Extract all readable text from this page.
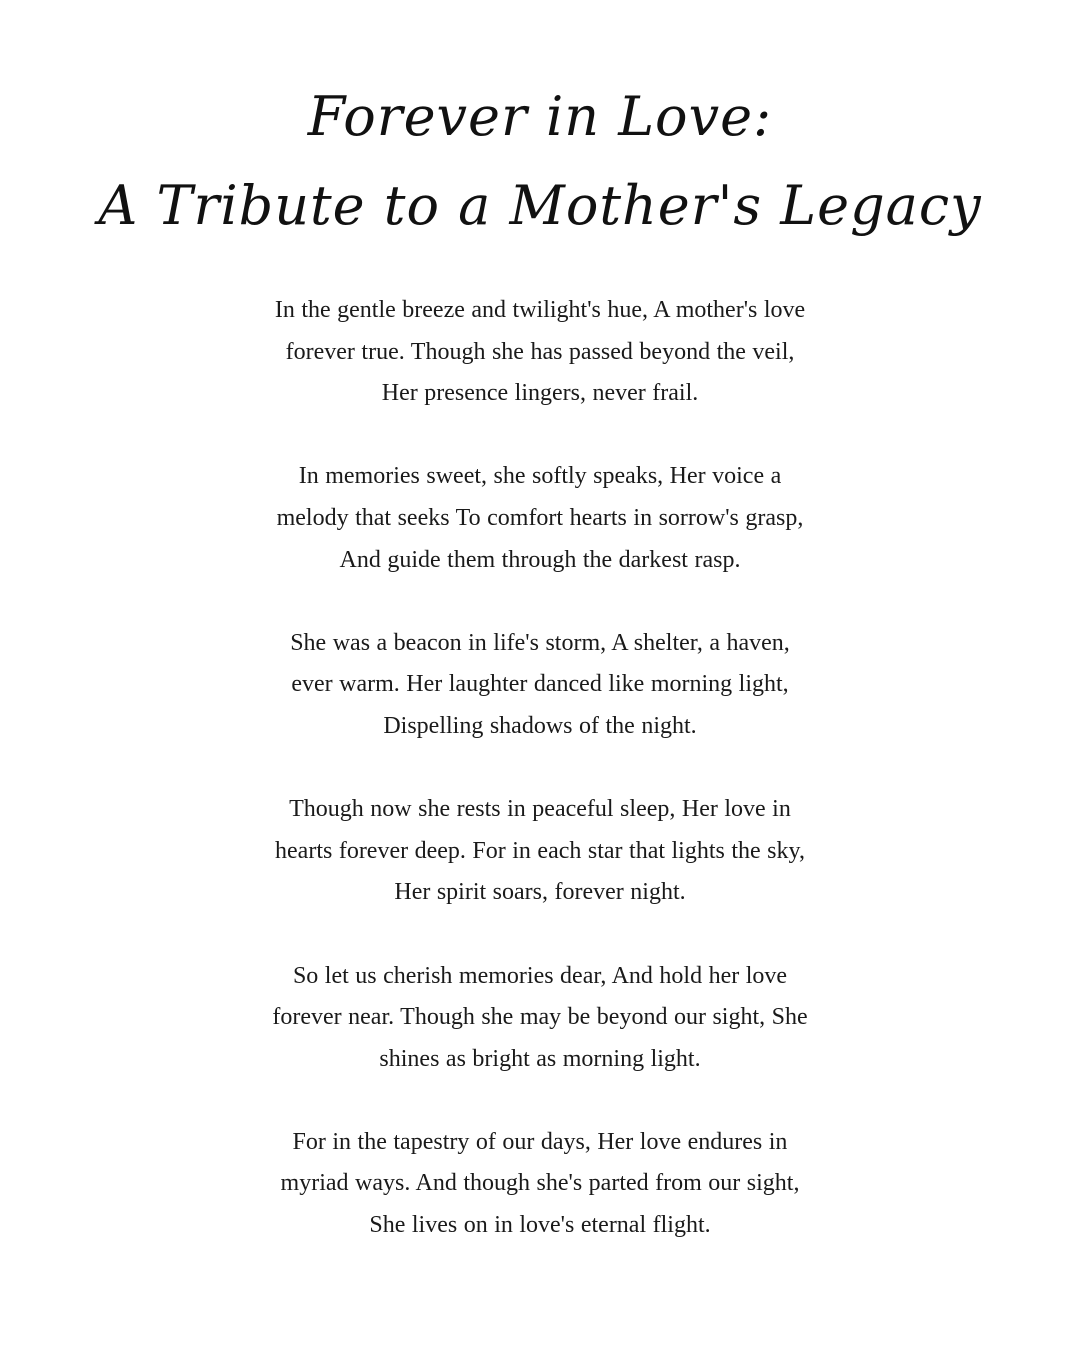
Forever in Love:
A Tribute to a Mother's Legacy

In the gentle breeze and twilight's hue, A mother's love forever true. Though she has passed beyond the veil, Her presence lingers, never frail.

In memories sweet, she softly speaks, Her voice a melody that seeks To comfort hearts in sorrow's grasp, And guide them through the darkest rasp.

She was a beacon in life's storm, A shelter, a haven, ever warm. Her laughter danced like morning light, Dispelling shadows of the night.

Though now she rests in peaceful sleep, Her love in hearts forever deep. For in each star that lights the sky, Her spirit soars, forever night.

So let us cherish memories dear, And hold her love forever near. Though she may be beyond our sight, She shines as bright as morning light.

For in the tapestry of our days, Her love endures in myriad ways. And though she's parted from our sight, She lives on in love's eternal flight.
